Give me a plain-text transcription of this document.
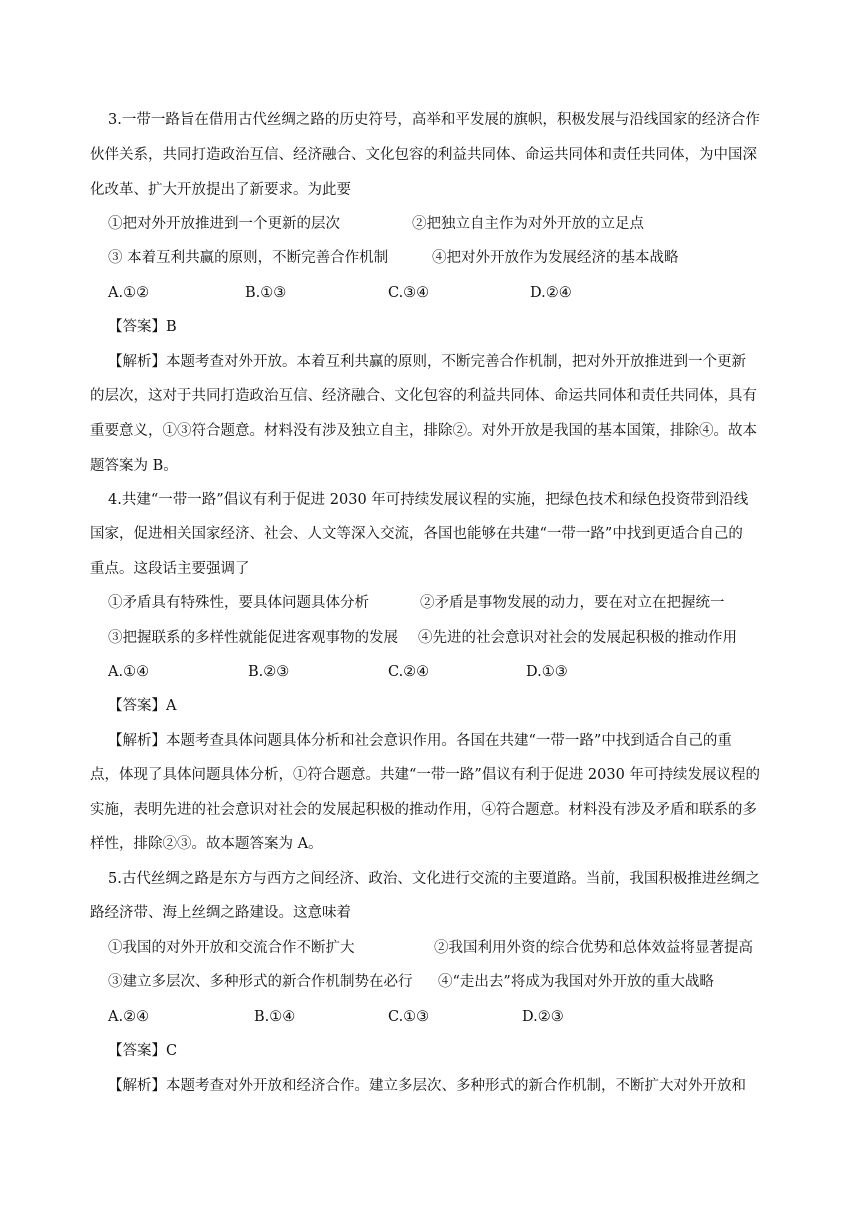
3.一带一路旨在借用古代丝绸之路的历史符号，高举和平发展的旗帜，积极发展与沿线国家的经济合作
伙伴关系，共同打造政治互信、经济融合、文化包容的利益共同体、命运共同体和责任共同体，为中国深
化改革、扩大开放提出了新要求。为此要
①把对外开放推进到一个更新的层次	②把独立自主作为对外开放的立足点
③ 本着互利共赢的原则，不断完善合作机制	④把对外开放作为发展经济的基本战略
A.①②	B.①③	C.③④	D.②④
【答案】B
【解析】本题考查对外开放。本着互利共赢的原则，不断完善合作机制，把对外开放推进到一个更新
的层次，这对于共同打造政治互信、经济融合、文化包容的利益共同体、命运共同体和责任共同体，具有
重要意义，①③符合题意。材料没有涉及独立自主，排除②。对外开放是我国的基本国策，排除④。故本
题答案为 B。
4.共建“一带一路”倡议有利于促进 2030 年可持续发展议程的实施，把绿色技术和绿色投资带到沿线
国家，促进相关国家经济、社会、人文等深入交流，各国也能够在共建“一带一路”中找到更适合自己的
重点。这段话主要强调了
①矛盾具有特殊性，要具体问题具体分析	②矛盾是事物发展的动力，要在对立在把握统一
③把握联系的多样性就能促进客观事物的发展 ④先进的社会意识对社会的发展起积极的推动作用
A.①④	B.②③	C.②④	D.①③
【答案】A
【解析】本题考查具体问题具体分析和社会意识作用。各国在共建“一带一路”中找到适合自己的重
点，体现了具体问题具体分析，①符合题意。共建“一带一路”倡议有利于促进 2030 年可持续发展议程的
实施，表明先进的社会意识对社会的发展起积极的推动作用，④符合题意。材料没有涉及矛盾和联系的多
样性，排除②③。故本题答案为 A。
5.古代丝绸之路是东方与西方之间经济、政治、文化进行交流的主要道路。当前，我国积极推进丝绸之
路经济带、海上丝绸之路建设。这意味着
①我国的对外开放和交流合作不断扩大	②我国利用外资的综合优势和总体效益将显著提高
③建立多层次、多种形式的新合作机制势在必行 ④“走出去”将成为我国对外开放的重大战略
A.②④	B.①④	C.①③	D.②③
【答案】C
【解析】本题考查对外开放和经济合作。建立多层次、多种形式的新合作机制，不断扩大对外开放和
